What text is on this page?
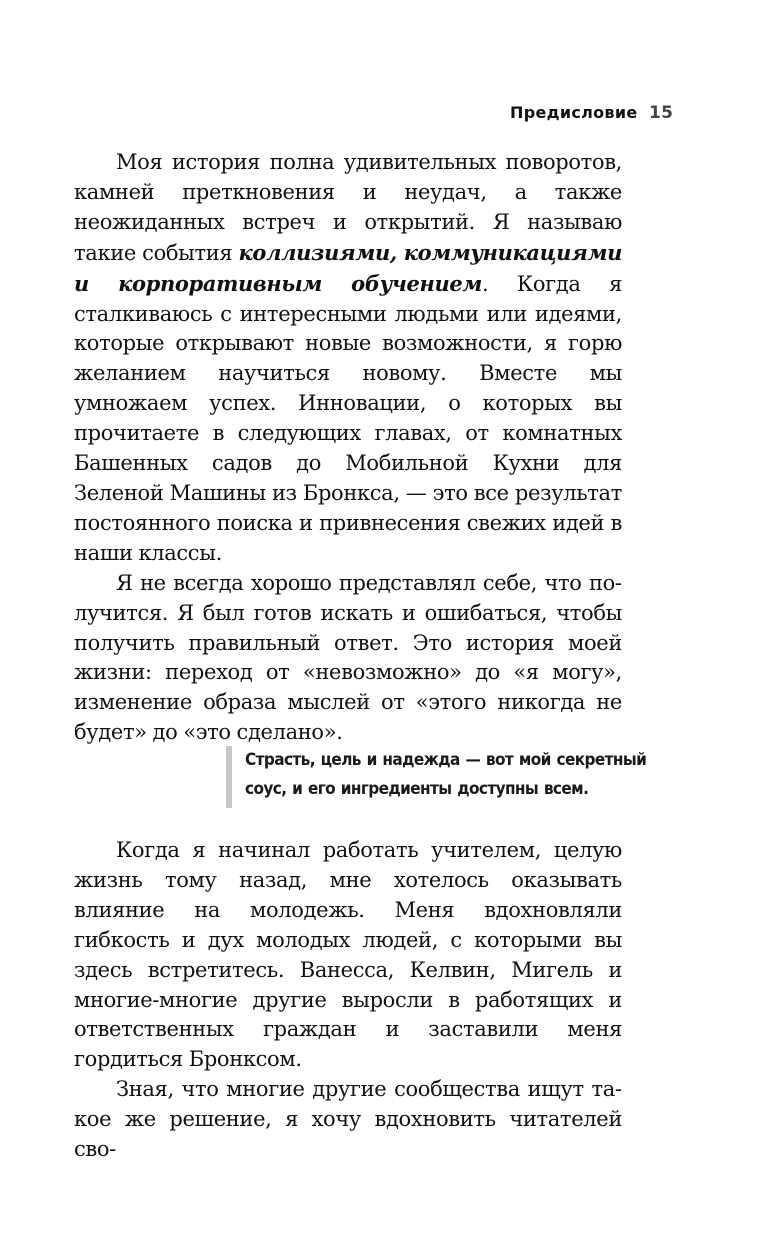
Предисловие 15

Моя история полна удивительных поворотов, камней преткновения и неудач, а также неожиданных встреч и открытий. Я называю такие события коллизиями, коммуникациями и корпоративным обучением. Когда я сталкиваюсь с интересными людьми или идеями, которые открывают новые возможности, я горю желанием научиться новому. Вместе мы умножаем успех. Инновации, о которых вы прочитаете в следующих главах, от комнатных Башенных садов до Мобильной Кухни для Зеленой Машины из Бронкса, — это все результат постоянного поиска и привнесения свежих идей в наши классы.

Я не всегда хорошо представлял себе, что получится. Я был готов искать и ошибаться, чтобы получить правильный ответ. Это история моей жизни: переход от «невозможно» до «я могу», изменение образа мыслей от «этого никогда не будет» до «это сделано».

Страсть, цель и надежда — вот мой секретный соус, и его ингредиенты доступны всем.

Когда я начинал работать учителем, целую жизнь тому назад, мне хотелось оказывать влияние на молодежь. Меня вдохновляли гибкость и дух молодых людей, с которыми вы здесь встретитесь. Ванесса, Келвин, Мигель и многие-многие другие выросли в работящих и ответственных граждан и заставили меня гордиться Бронксом.

Зная, что многие другие сообщества ищут такое же решение, я хочу вдохновить читателей сво-
